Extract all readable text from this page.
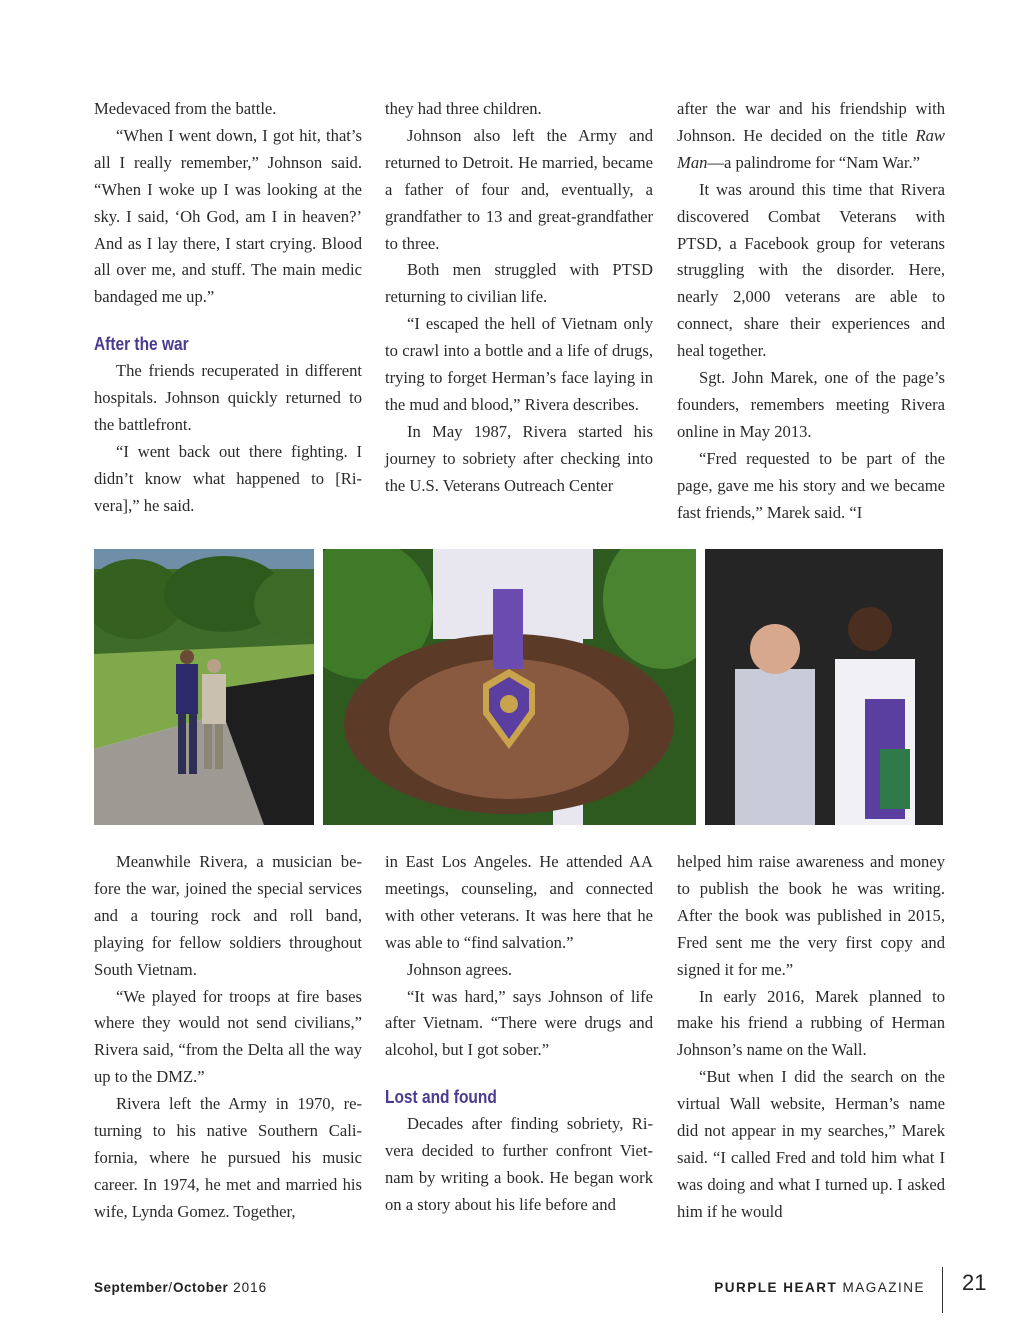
Medevaced from the battle.

“When I went down, I got hit, that’s all I really remember,” Johnson said. “When I woke up I was looking at the sky. I said, ‘Oh God, am I in heaven?’ And as I lay there, I start crying. Blood all over me, and stuff. The main medic bandaged me up.”

After the war

The friends recuperated in different hospitals. Johnson quickly returned to the battlefront.

“I went back out there fighting. I didn’t know what happened to [Rivera],” he said.

they had three children.

Johnson also left the Army and returned to Detroit. He married, became a father of four and, eventually, a grandfather to 13 and great-grandfather to three.

Both men struggled with PTSD returning to civilian life.

“I escaped the hell of Vietnam only to crawl into a bottle and a life of drugs, trying to forget Herman’s face laying in the mud and blood,” Rivera describes.

In May 1987, Rivera started his journey to sobriety after checking into the U.S. Veterans Outreach Center

after the war and his friendship with Johnson. He decided on the title Raw Man—a palindrome for “Nam War.”

It was around this time that Rivera discovered Combat Veterans with PTSD, a Facebook group for veterans struggling with the disorder. Here, nearly 2,000 veterans are able to connect, share their experiences and heal together.

Sgt. John Marek, one of the page’s founders, remembers meeting Rivera online in May 2013.

“Fred requested to be part of the page, gave me his story and we became fast friends,” Marek said. “I

Meanwhile Rivera, a musician before the war, joined the special services and a touring rock and roll band, playing for fellow soldiers throughout South Vietnam.

“We played for troops at fire bases where they would not send civilians,” Rivera said, “from the Delta all the way up to the DMZ.”

Rivera left the Army in 1970, returning to his native Southern California, where he pursued his music career. In 1974, he met and married his wife, Lynda Gomez. Together,

in East Los Angeles. He attended AA meetings, counseling, and connected with other veterans. It was here that he was able to “find salvation.”

Johnson agrees.

“It was hard,” says Johnson of life after Vietnam. “There were drugs and alcohol, but I got sober.”

Lost and found

Decades after finding sobriety, Rivera decided to further confront Vietnam by writing a book. He began work on a story about his life before and

helped him raise awareness and money to publish the book he was writing. After the book was published in 2015, Fred sent me the very first copy and signed it for me.”

In early 2016, Marek planned to make his friend a rubbing of Herman Johnson’s name on the Wall.

“But when I did the search on the virtual Wall website, Herman’s name did not appear in my searches,” Marek said. “I called Fred and told him what I was doing and what I turned up. I asked him if he would

September/October 2016	PURPLE HEART MAGAZINE 21
